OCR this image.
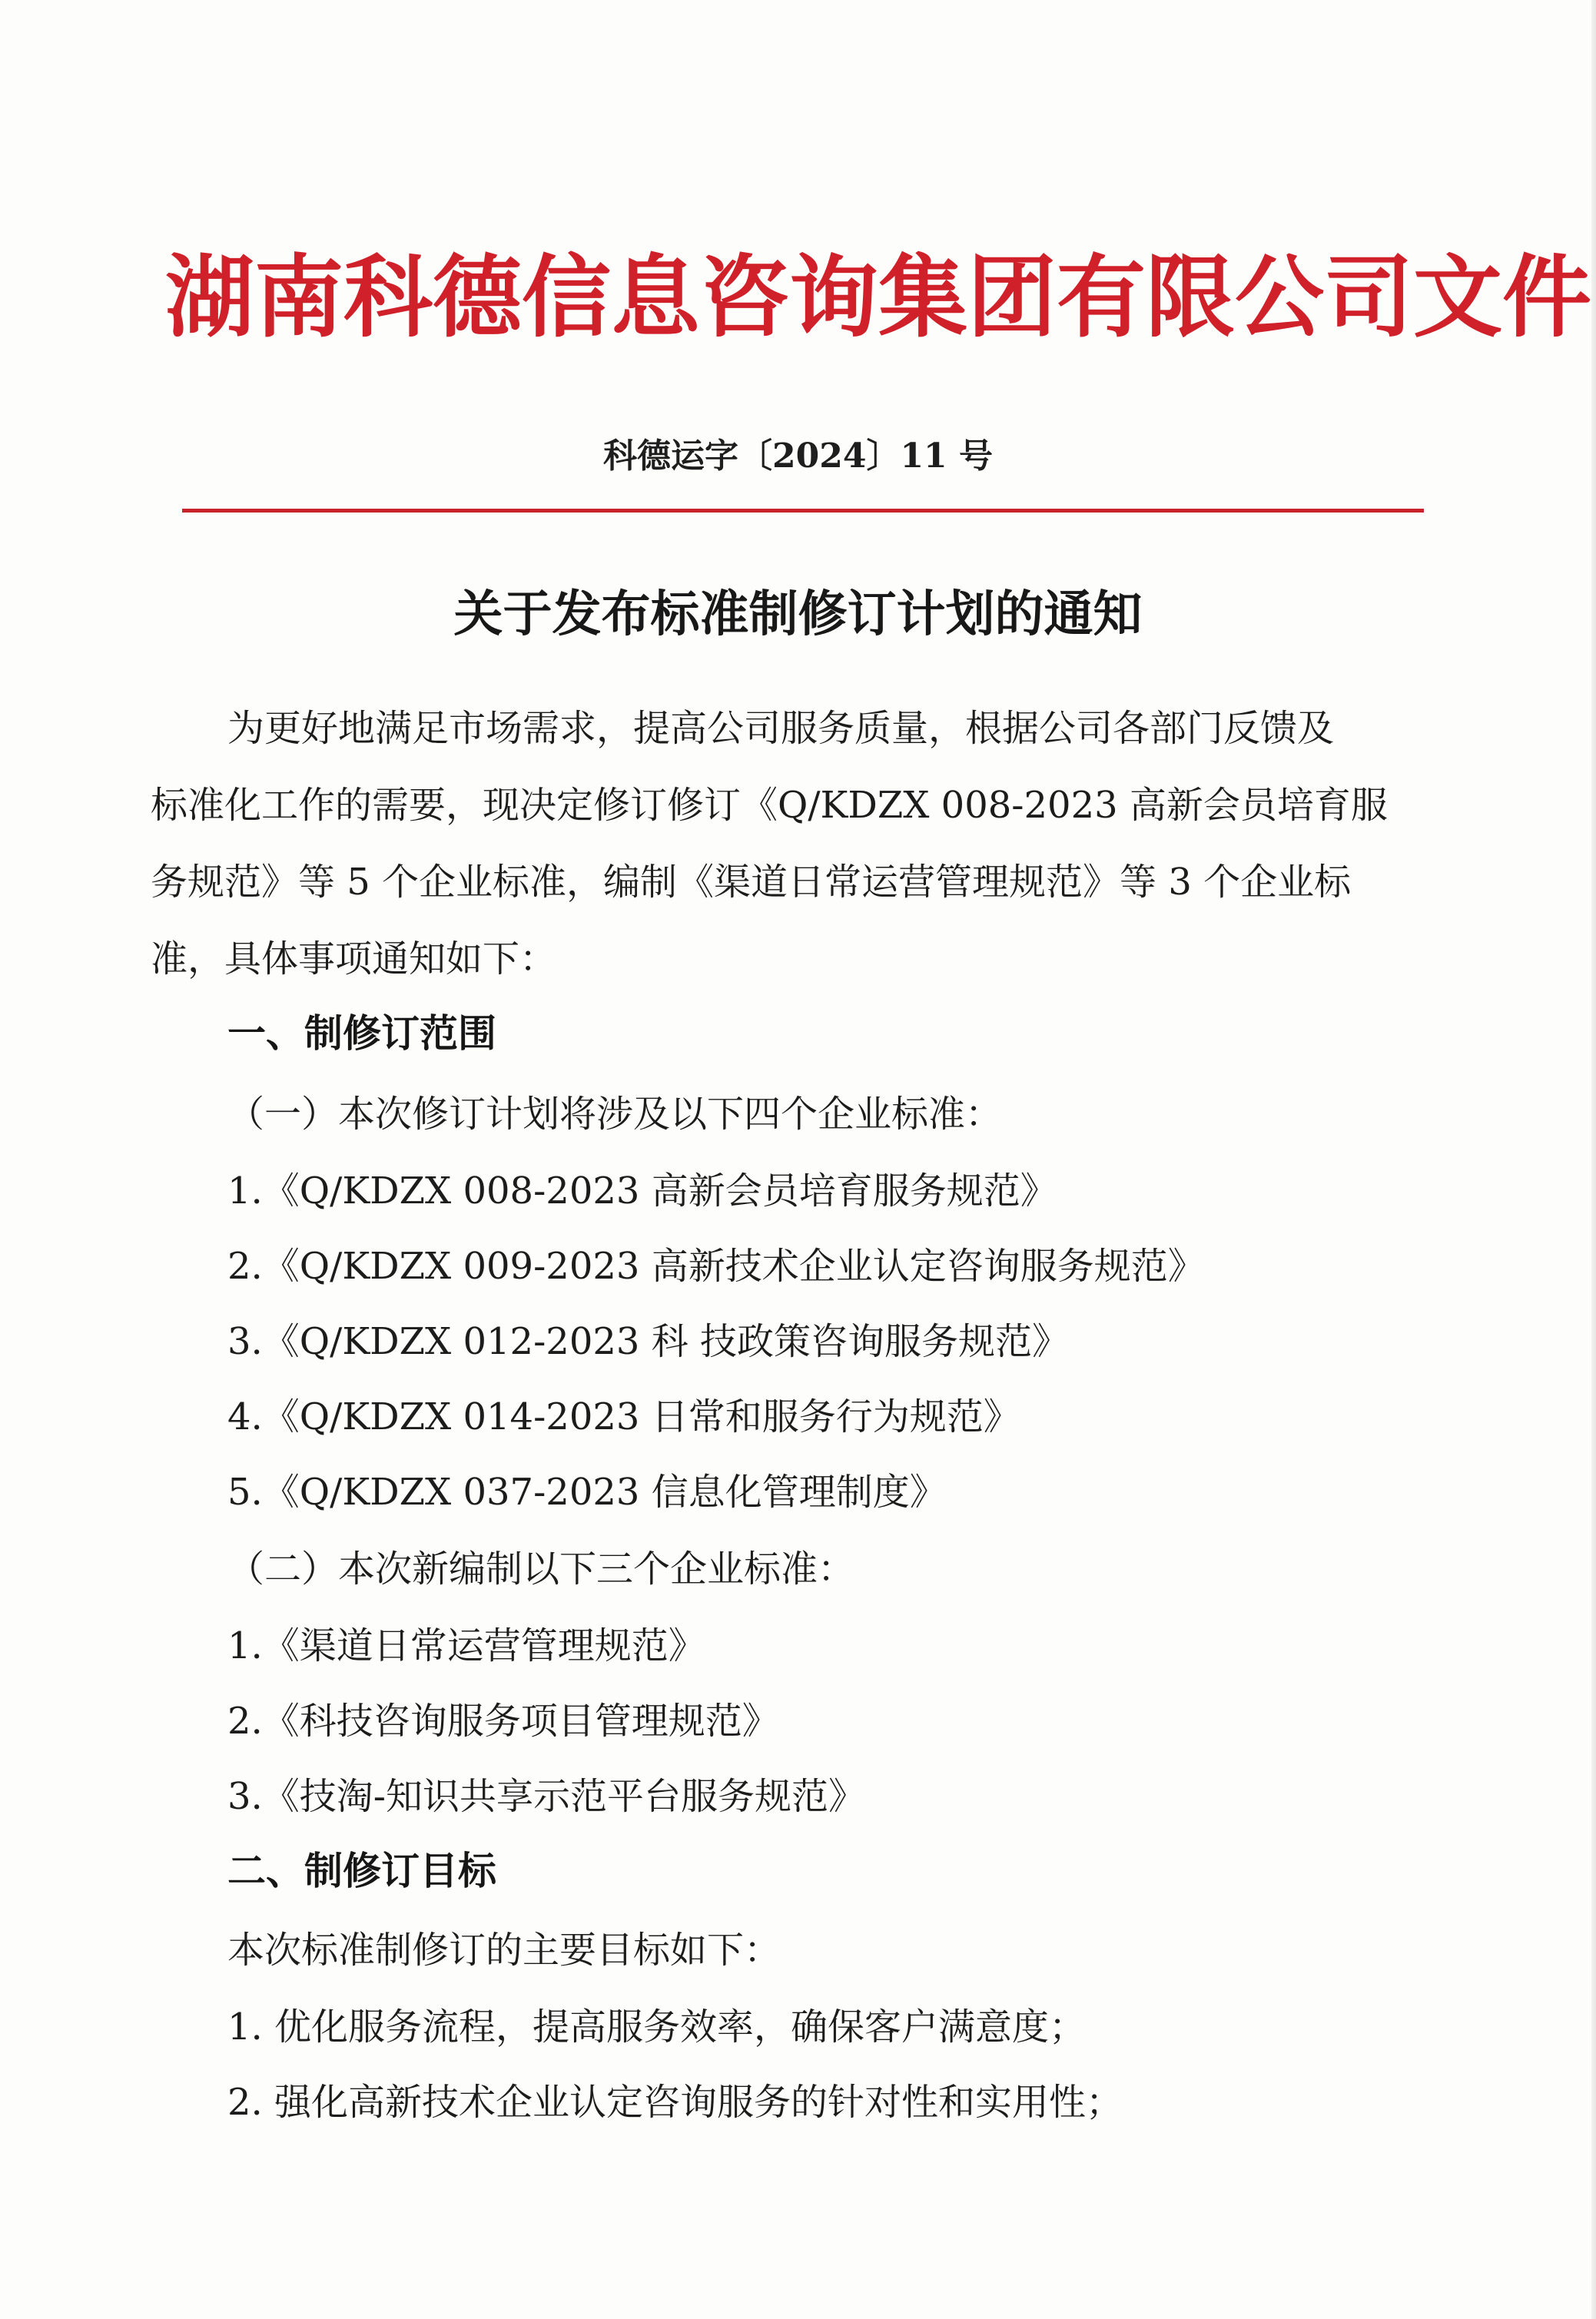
湖南科德信息咨询集团有限公司文件
科德运字〔2024〕11 号
关于发布标准制修订计划的通知
为更好地满足市场需求，提高公司服务质量，根据公司各部门反馈及
标准化工作的需要，现决定修订修订《Q/KDZX 008-2023 高新会员培育服
务规范》等 5 个企业标准，编制《渠道日常运营管理规范》等 3 个企业标
准，具体事项通知如下：
一、制修订范围
（一）本次修订计划将涉及以下四个企业标准：
1.《Q/KDZX 008-2023 高新会员培育服务规范》
2.《Q/KDZX 009-2023 高新技术企业认定咨询服务规范》
3.《Q/KDZX 012-2023 科 技政策咨询服务规范》
4.《Q/KDZX 014-2023 日常和服务行为规范》
5.《Q/KDZX 037-2023 信息化管理制度》
（二）本次新编制以下三个企业标准：
1.《渠道日常运营管理规范》
2.《科技咨询服务项目管理规范》
3.《技淘-知识共享示范平台服务规范》
二、制修订目标
本次标准制修订的主要目标如下：
1. 优化服务流程，提高服务效率，确保客户满意度；
2. 强化高新技术企业认定咨询服务的针对性和实用性；
